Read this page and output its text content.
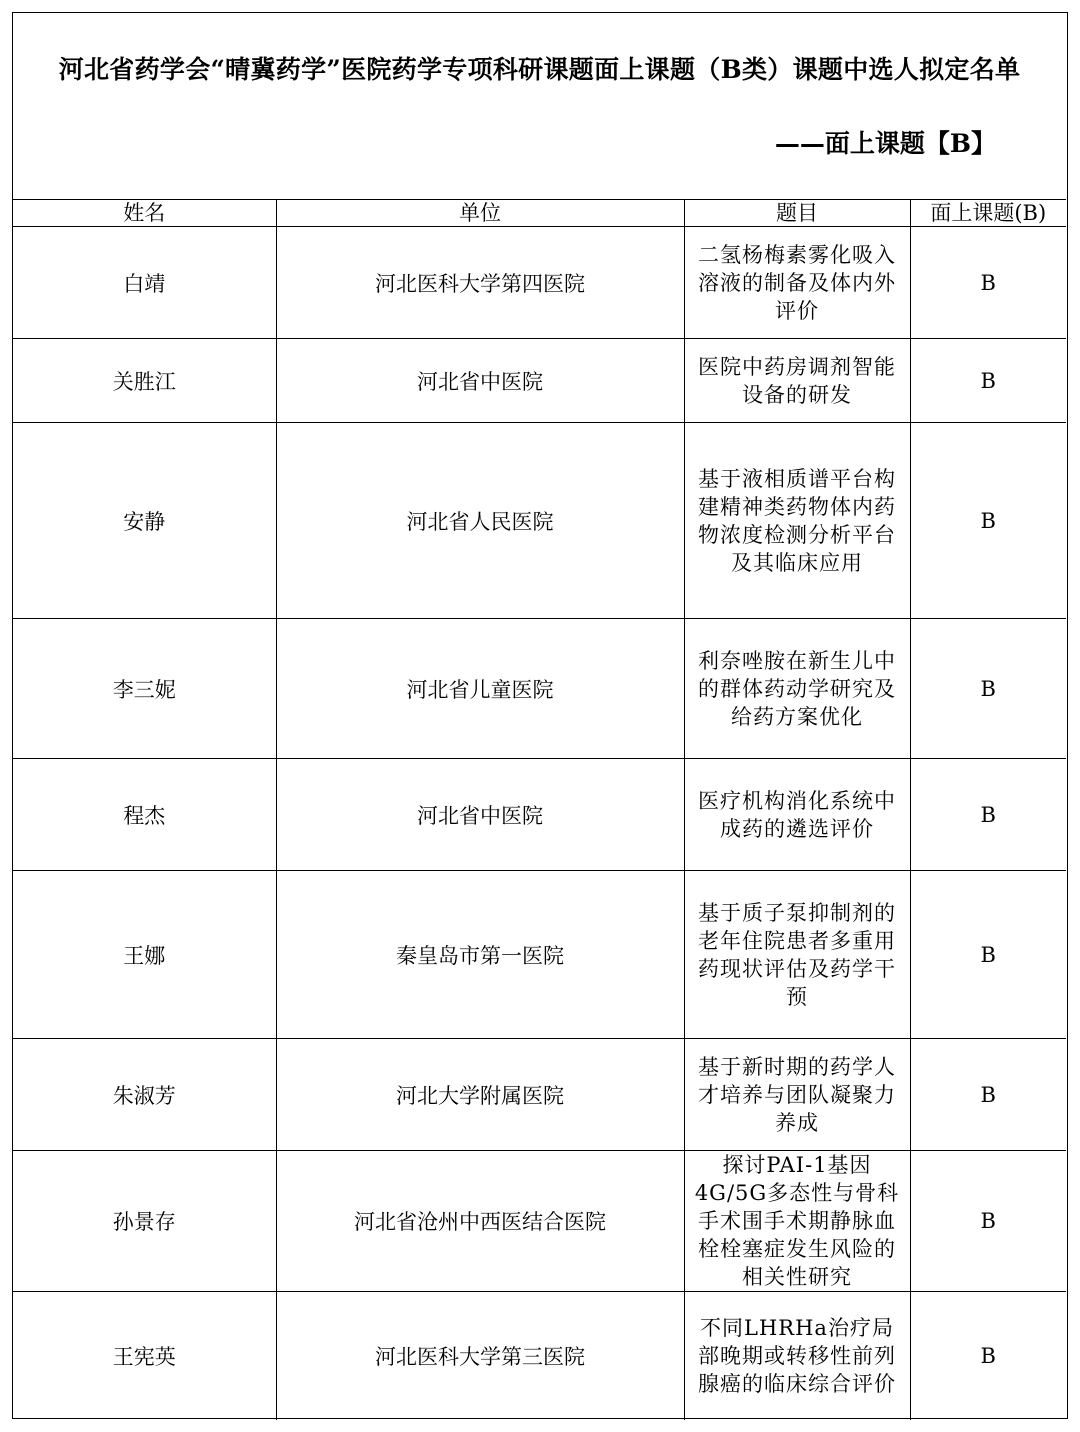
河北省药学会“晴冀药学”医院药学专项科研课题面上课题（B类）课题中选人拟定名单
——面上课题【B】
姓名	单位	题目	面上课题(B)
白靖	河北医科大学第四医院	二氢杨梅素雾化吸入溶液的制备及体内外评价	B
关胜江	河北省中医院	医院中药房调剂智能设备的研发	B
安静	河北省人民医院	基于液相质谱平台构建精神类药物体内药物浓度检测分析平台及其临床应用	B
李三妮	河北省儿童医院	利奈唑胺在新生儿中的群体药动学研究及给药方案优化	B
程杰	河北省中医院	医疗机构消化系统中成药的遴选评价	B
王娜	秦皇岛市第一医院	基于质子泵抑制剂的老年住院患者多重用药现状评估及药学干预	B
朱淑芳	河北大学附属医院	基于新时期的药学人才培养与团队凝聚力养成	B
孙景存	河北省沧州中西医结合医院	探讨PAI-1基因4G/5G多态性与骨科手术围手术期静脉血栓栓塞症发生风险的相关性研究	B
王宪英	河北医科大学第三医院	不同LHRHa治疗局部晚期或转移性前列腺癌的临床综合评价	B
